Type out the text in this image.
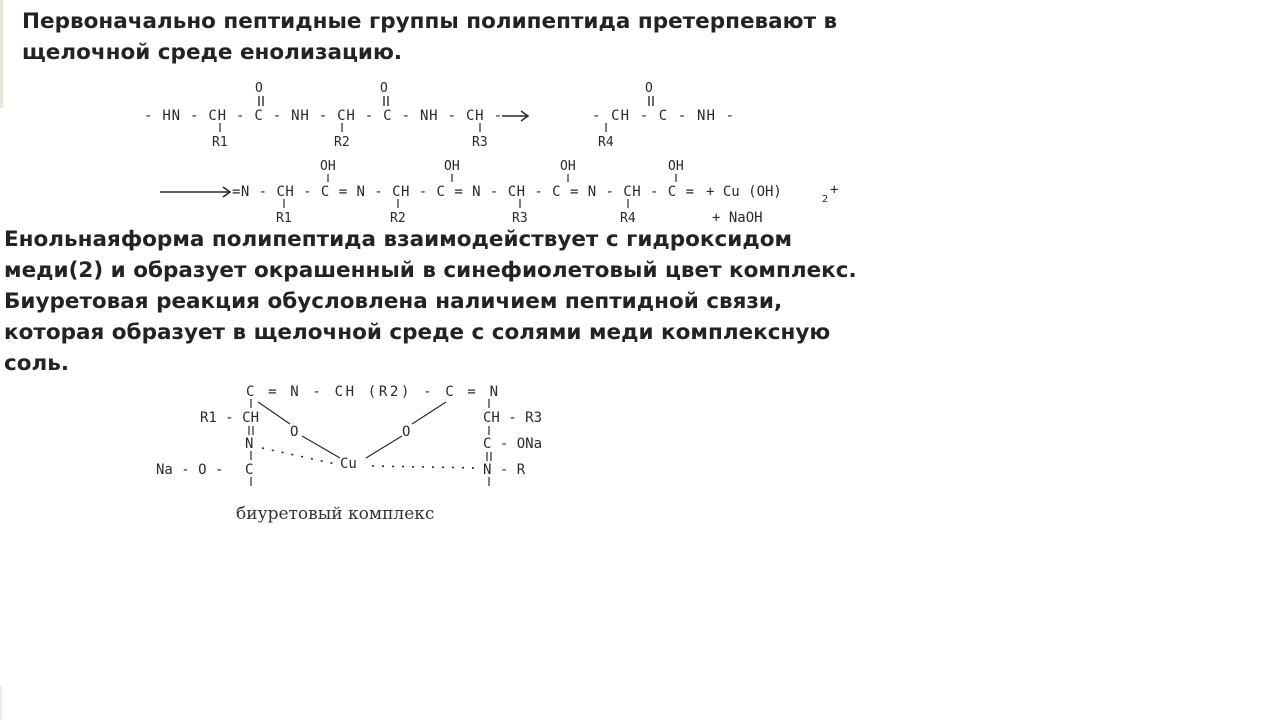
Первоначально пептидные группы полипептида претерпевают в
щелочной среде енолизацию.

O	O	O
- HN - CH - C - NH - CH - C - NH - CH -	- CH - C - NH -
R1	R2	R3	R4
OH	OH	OH	OH
=N - CH - C = N - CH - C = N - CH - C = N - CH - C = + Cu (OH)	2
+
R1	R2	R3	R4	+ NaOH

Енольнаяформа полипептида взаимодействует с гидроксидом
меди(2) и образует окрашенный в синефиолетовый цвет комплекс.
Биуретовая реакция обусловлена наличием пептидной связи,
которая образует в щелочной среде с солями меди комплексную
соль.

C = N - CH (R2) - C = N
R1 - CH
N
Na - O - C
O
Cu
O
CH - R3
C - ONa
N - R
биуретовый комплекс
